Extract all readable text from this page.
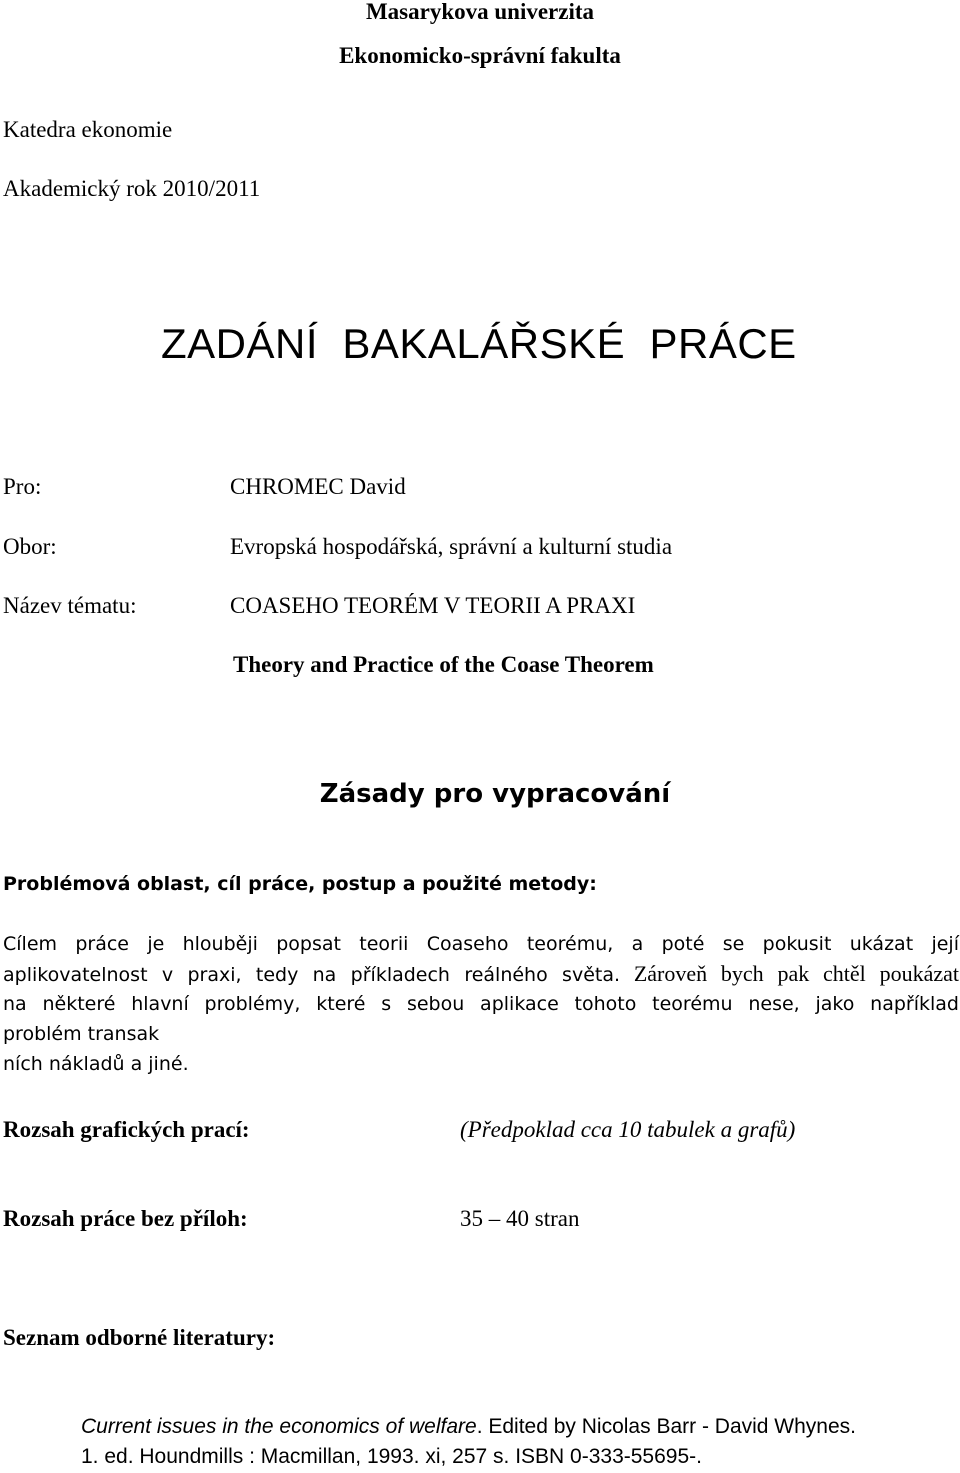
Masarykova univerzita
Ekonomicko-správní fakulta
Katedra ekonomie
Akademický rok 2010/2011
ZADÁNÍ  BAKALÁŘSKÉ  PRÁCE
Pro:	CHROMEC David
Obor:	Evropská hospodářská, správní a kulturní studia
Název tématu:	COASEHO TEORÉM V TEORII A PRAXI
Theory and Practice of the Coase Theorem
Zásady pro vypracování
Problémová oblast, cíl práce, postup a použité metody:
Cílem práce je hlouběji popsat teorii Coaseho teorému, a poté se pokusit ukázat její
aplikovatelnost v praxi, tedy na příkladech reálného světa. Zároveň bych pak chtěl poukázat
na některé hlavní problémy, které s sebou aplikace tohoto teorému nese, jako například
problém transak
ních nákladů a jiné.
Rozsah grafických prací:	(Předpoklad cca 10 tabulek a grafů)
Rozsah práce bez příloh:	35 – 40 stran
Seznam odborné literatury:
Current issues in the economics of welfare. Edited by Nicolas Barr - David Whynes.
1. ed. Houndmills : Macmillan, 1993. xi, 257 s. ISBN 0-333-55695-.
